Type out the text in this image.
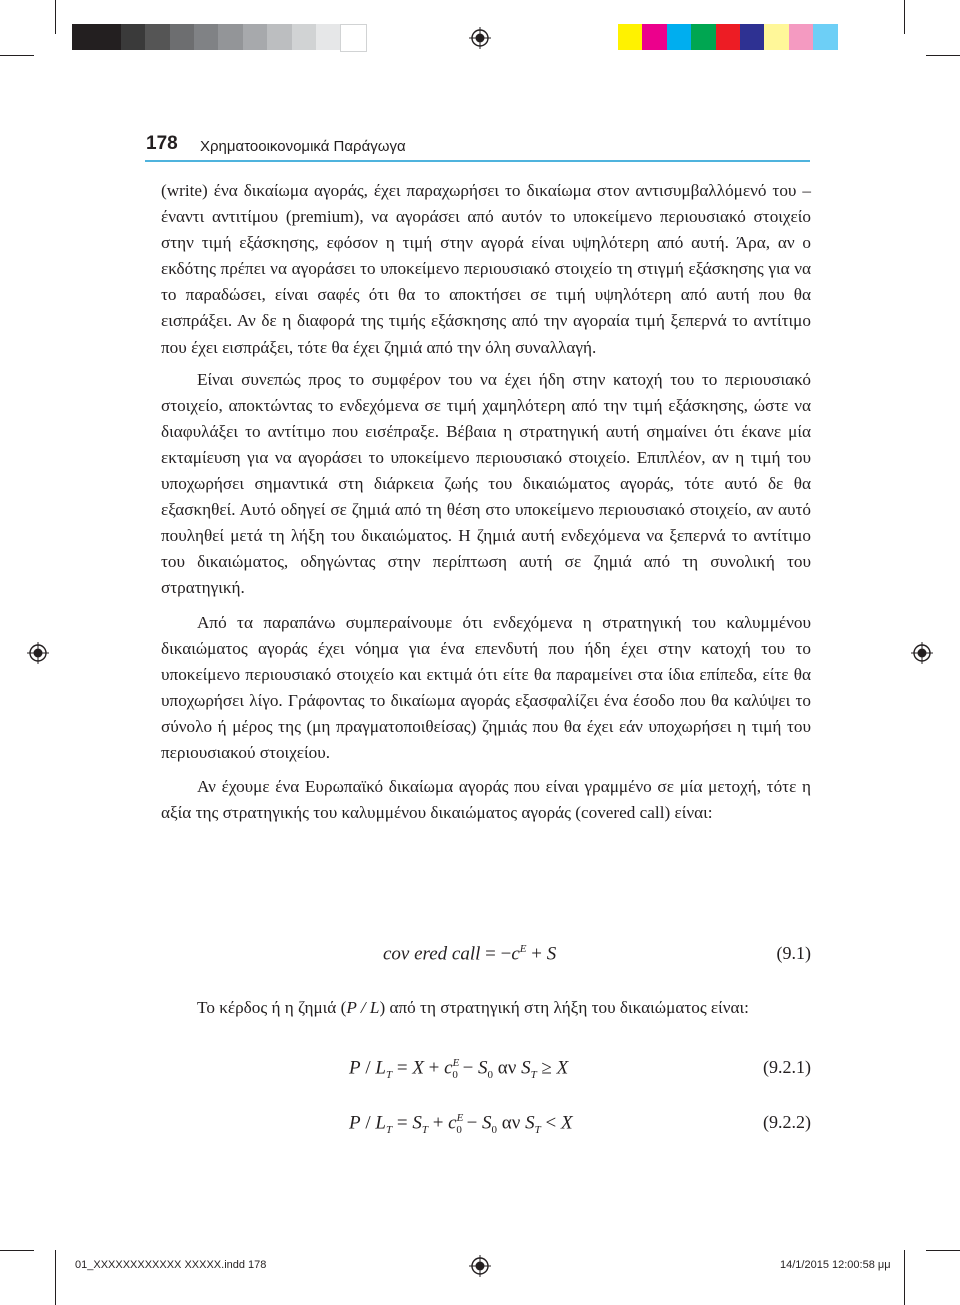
178 Χρηματοοικονομικά Παράγωγα

(write) ένα δικαίωμα αγοράς, έχει παραχωρήσει το δικαίωμα στον αντισυμβαλλόμενό του – έναντι αντιτίμου (premium), να αγοράσει από αυτόν το υποκείμενο περιουσιακό στοιχείο στην τιμή εξάσκησης, εφόσον η τιμή στην αγορά είναι υψηλότερη από αυτή. Άρα, αν ο εκδότης πρέπει να αγοράσει το υποκείμενο περιουσιακό στοιχείο τη στιγμή εξάσκησης για να το παραδώσει, είναι σαφές ότι θα το αποκτήσει σε τιμή υψηλότερη από αυτή που θα εισπράξει. Αν δε η διαφορά της τιμής εξάσκησης από την αγοραία τιμή ξεπερνά το αντίτιμο που έχει εισπράξει, τότε θα έχει ζημιά από την όλη συναλλαγή.

Είναι συνεπώς προς το συμφέρον του να έχει ήδη στην κατοχή του το περιουσιακό στοιχείο, αποκτώντας το ενδεχόμενα σε τιμή χαμηλότερη από την τιμή εξάσκησης, ώστε να διαφυλάξει το αντίτιμο που εισέπραξε. Βέβαια η στρατηγική αυτή σημαίνει ότι έκανε μία εκταμίευση για να αγοράσει το υποκείμενο περιουσιακό στοιχείο. Επιπλέον, αν η τιμή του υποχωρήσει σημαντικά στη διάρκεια ζωής του δικαιώματος αγοράς, τότε αυτό δε θα εξασκηθεί. Αυτό οδηγεί σε ζημιά από τη θέση στο υποκείμενο περιουσιακό στοιχείο, αν αυτό πουληθεί μετά τη λήξη του δικαιώματος. Η ζημιά αυτή ενδεχόμενα να ξεπερνά το αντίτιμο του δικαιώματος, οδηγώντας στην περίπτωση αυτή σε ζημιά από τη συνολική του στρατηγική.

Από τα παραπάνω συμπεραίνουμε ότι ενδεχόμενα η στρατηγική του καλυμμένου δικαιώματος αγοράς έχει νόημα για ένα επενδυτή που ήδη έχει στην κατοχή του το υποκείμενο περιουσιακό στοιχείο και εκτιμά ότι είτε θα παραμείνει στα ίδια επίπεδα, είτε θα υποχωρήσει λίγο. Γράφοντας το δικαίωμα αγοράς εξασφαλίζει ένα έσοδο που θα καλύψει το σύνολο ή μέρος της (μη πραγματοποιθείσας) ζημιάς που θα έχει εάν υποχωρήσει η τιμή του περιουσιακού στοιχείου.

Αν έχουμε ένα Ευρωπαϊκό δικαίωμα αγοράς που είναι γραμμένο σε μία μετοχή, τότε η αξία της στρατηγικής του καλυμμένου δικαιώματος αγοράς (covered call) είναι:

cov ered call = $-c^E + S$	(9.1)

Το κέρδος ή η ζημιά (P / L) από τη στρατηγική στη λήξη του δικαιώματος είναι:

$P / L_T = X + c^E_0 - S_0$ αν $S_T \ge X$	(9.2.1)
$P / L_T = S_T + c^E_0 - S_0$ αν $S_T < X$	(9.2.2)
01_ΧΧΧΧΧΧΧΧΧΧΧΧ ΧΧΧΧΧ.indd 178	14/1/2015 12:00:58 μμ
